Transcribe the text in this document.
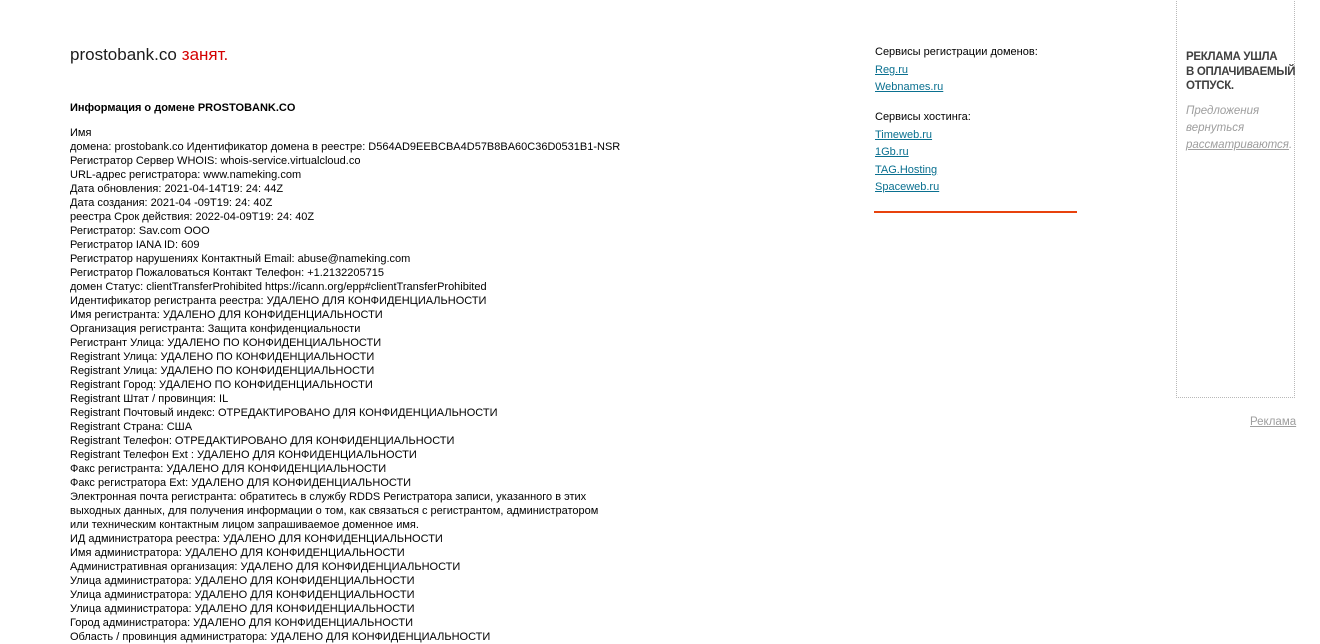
prostobank.co занят.
Информация о домене PROSTOBANK.CO
Имя
домена: prostobank.co Идентификатор домена в реестре: D564AD9EEBCBA4D57B8BA60C36D0531B1-NSR
Регистратор Сервер WHOIS: whois-service.virtualcloud.co
URL-адрес регистратора: www.nameking.com
Дата обновления: 2021-04-14T19: 24: 44Z
Дата создания: 2021-04 -09T19: 24: 40Z
реестра Срок действия: 2022-04-09T19: 24: 40Z
Регистратор: Sav.com ООО
Регистратор IANA ID: 609
Регистратор нарушениях Контактный Email: abuse@nameking.com
Регистратор Пожаловаться Контакт Телефон: +1.2132205715
домен Статус: clientTransferProhibited https://icann.org/epp#clientTransferProhibited
Идентификатор регистранта реестра: УДАЛЕНО ДЛЯ КОНФИДЕНЦИАЛЬНОСТИ
Имя регистранта: УДАЛЕНО ДЛЯ КОНФИДЕНЦИАЛЬНОСТИ
Организация регистранта: Защита конфиденциальности
Регистрант Улица: УДАЛЕНО ПО КОНФИДЕНЦИАЛЬНОСТИ
Registrant Улица: УДАЛЕНО ПО КОНФИДЕНЦИАЛЬНОСТИ
Registrant Улица: УДАЛЕНО ПО КОНФИДЕНЦИАЛЬНОСТИ
Registrant Город: УДАЛЕНО ПО КОНФИДЕНЦИАЛЬНОСТИ
Registrant Штат / провинция: IL
Registrant Почтовый индекс: ОТРЕДАКТИРОВАНО ДЛЯ КОНФИДЕНЦИАЛЬНОСТИ
Registrant Страна: США
Registrant Телефон: ОТРЕДАКТИРОВАНО ДЛЯ КОНФИДЕНЦИАЛЬНОСТИ
Registrant Телефон Ext : УДАЛЕНО ДЛЯ КОНФИДЕНЦИАЛЬНОСТИ
Факс регистранта: УДАЛЕНО ДЛЯ КОНФИДЕНЦИАЛЬНОСТИ
Факс регистратора Ext: УДАЛЕНО ДЛЯ КОНФИДЕНЦИАЛЬНОСТИ
Электронная почта регистранта: обратитесь в службу RDDS Регистратора записи, указанного в этих
выходных данных, для получения информации о том, как связаться с регистрантом, администратором
или техническим контактным лицом запрашиваемое доменное имя.
ИД администратора реестра: УДАЛЕНО ДЛЯ КОНФИДЕНЦИАЛЬНОСТИ
Имя администратора: УДАЛЕНО ДЛЯ КОНФИДЕНЦИАЛЬНОСТИ
Административная организация: УДАЛЕНО ДЛЯ КОНФИДЕНЦИАЛЬНОСТИ
Улица администратора: УДАЛЕНО ДЛЯ КОНФИДЕНЦИАЛЬНОСТИ
Улица администратора: УДАЛЕНО ДЛЯ КОНФИДЕНЦИАЛЬНОСТИ
Улица администратора: УДАЛЕНО ДЛЯ КОНФИДЕНЦИАЛЬНОСТИ
Город администратора: УДАЛЕНО ДЛЯ КОНФИДЕНЦИАЛЬНОСТИ
Область / провинция администратора: УДАЛЕНО ДЛЯ КОНФИДЕНЦИАЛЬНОСТИ
Сервисы регистрации доменов:
Reg.ru
Webnames.ru
Сервисы хостинга:
Timeweb.ru
1Gb.ru
TAG.Hosting
Spaceweb.ru
РЕКЛАМА УШЛА
В ОПЛАЧИВАЕМЫЙ
ОТПУСК.
Предложения
вернуться
рассматриваются.
Реклама
